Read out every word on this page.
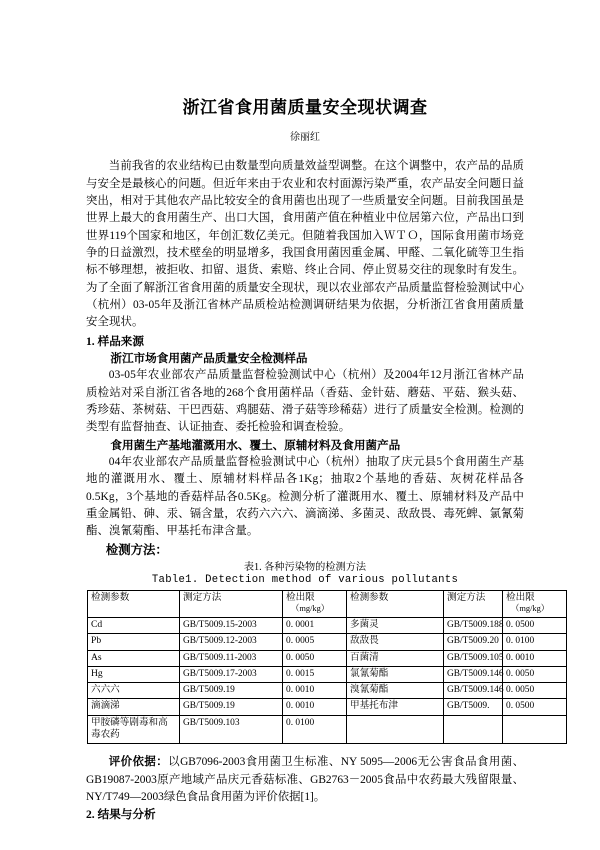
浙江省食用菌质量安全现状调查
徐丽红

当前我省的农业结构已由数量型向质量效益型调整。在这个调整中，农产品的品质与安全是最核心的问题。但近年来由于农业和农村面源污染严重，农产品安全问题日益突出，相对于其他农产品比较安全的食用菌也出现了一些质量安全问题。目前我国虽是世界上最大的食用菌生产、出口大国，食用菌产值在种植业中位居第六位，产品出口到世界119个国家和地区，年创汇数亿美元。但随着我国加入ＷＴＯ，国际食用菌市场竞争的日益激烈，技术壁垒的明显增多，我国食用菌因重金属、甲醛、二氧化硫等卫生指标不够理想，被拒收、扣留、退货、索赔、终止合同、停止贸易交往的现象时有发生。为了全面了解浙江省食用菌的质量安全现状，现以农业部农产品质量监督检验测试中心（杭州）03-05年及浙江省林产品质检站检测调研结果为依据，分析浙江省食用菌质量安全现状。

1. 样品来源

浙江市场食用菌产品质量安全检测样品

03-05年农业部农产品质量监督检验测试中心（杭州）及2004年12月浙江省林产品质检站对采自浙江省各地的268个食用菌样品（香菇、金针菇、蘑菇、平菇、猴头菇、秀珍菇、茶树菇、干巴西菇、鸡腿菇、滑子菇等珍稀菇）进行了质量安全检测。检测的类型有监督抽查、认证抽查、委托检验和调查检验。

食用菌生产基地灌溉用水、覆土、原辅材料及食用菌产品

04年农业部农产品质量监督检验测试中心（杭州）抽取了庆元县5个食用菌生产基地的灌溉用水、覆土、原辅材料样品各1Kg；抽取2个基地的香菇、灰树花样品各0.5Kg，3个基地的香菇样品各0.5Kg。检测分析了灌溉用水、覆土、原辅材料及产品中重金属铅、砷、汞、镉含量，农药六六六、滴滴涕、多菌灵、敌敌畏、毒死蜱、氯氰菊酯、溴氰菊酯、甲基托布津含量。

检测方法：

表1. 各种污染物的检测方法
Table1. Detection method of various pollutants
检测参数	测定方法	检出限
（mg/kg）	检测参数	测定方法	检出限
（mg/kg）

Cd	GB/T5009.15-2003	0. 0001	多菌灵	GB/T5009.188	0. 0500
Pb	GB/T5009.12-2003	0. 0005	敌敌畏	GB/T5009.20	0. 0100
As	GB/T5009.11-2003	0. 0050	百菌清	GB/T5009.105	0. 0010
Hg	GB/T5009.17-2003	0. 0015	氯氰菊酯	GB/T5009.146	0. 0050
六六六	GB/T5009.19	0. 0010	溴氰菊酯	GB/T5009.146	0. 0050
滴滴涕	GB/T5009.19	0. 0010	甲基托布津	GB/T5009.	0. 0500
甲胺磷等剧毒和高毒农药	GB/T5009.103	0. 0100			

评价依据：以GB7096-2003食用菌卫生标准、NY 5095—2006无公害食品食用菌、GB19087-2003原产地域产品庆元香菇标准、GB2763－2005食品中农药最大残留限量、NY/T749—2003绿色食品食用菌为评价依据[1]。

2. 结果与分析
